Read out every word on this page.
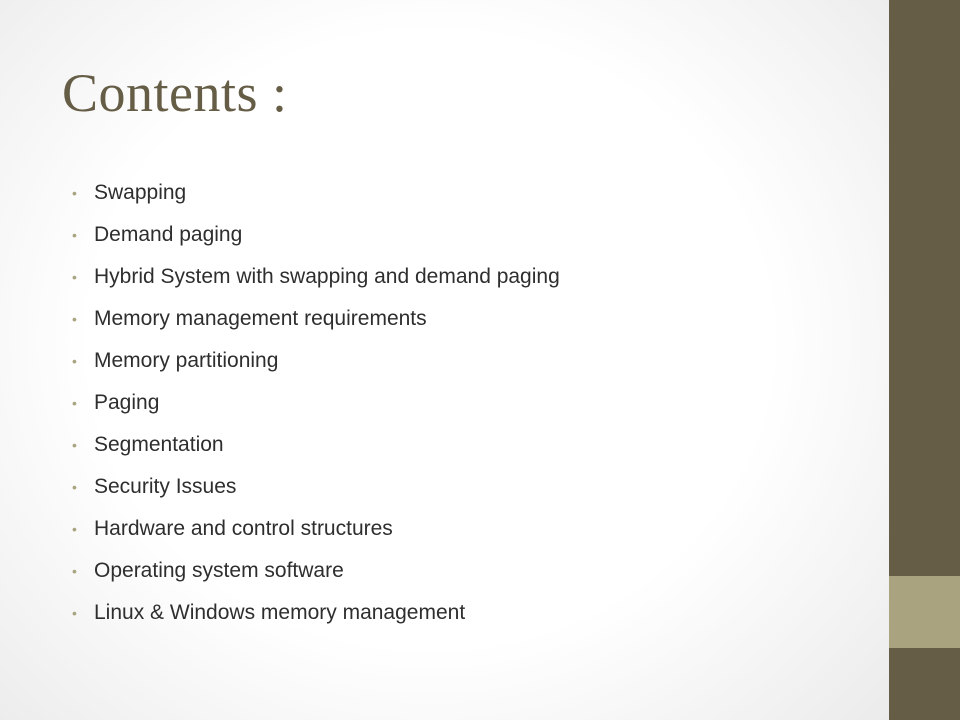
Contents :
• Swapping
• Demand paging
• Hybrid System with swapping and demand paging
• Memory management requirements
• Memory partitioning
• Paging
• Segmentation
• Security Issues
• Hardware and control structures
• Operating system software
• Linux & Windows memory management
